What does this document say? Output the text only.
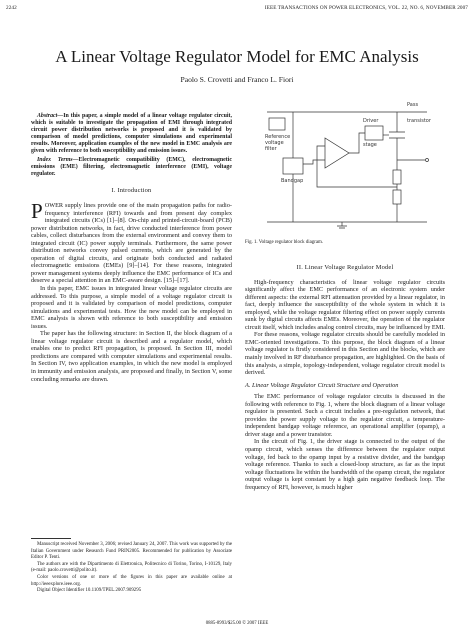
2242	IEEE TRANSACTIONS ON POWER ELECTRONICS, VOL. 22, NO. 6, NOVEMBER 2007
A Linear Voltage Regulator Model for EMC Analysis
Paolo S. Crovetti and Franco L. Fiori

Abstract—In this paper, a simple model of a linear voltage regulator circuit, which is suitable to investigate the propagation of EMI through integrated circuit power distribution networks is proposed and it is validated by comparison of model predictions, computer simulations and experimental results. Moreover, application examples of the new model in EMC analysis are given with reference to both susceptibility and emission issues.

Index Terms—Electromagnetic compatibility (EMC), electromagnetic emissions (EME) filtering, electromagnetic interference (EMI), voltage regulator.

I. Introduction

POWER supply lines provide one of the main propagation paths for radio-frequency interference (RFI) towards and from present day complex integrated circuits (ICs) [1]–[8]. On-chip and printed-circuit-board (PCB) power distribution networks, in fact, drive conducted interference from power cables, collect disturbances from the external environment and convey them to integrated circuit (IC) power supply terminals. Furthermore, the same power distribution networks convey pulsed currents, which are generated by the operation of digital circuits, and originate both conducted and radiated electromagnetic emissions (EMEs) [9]–[14]. For these reasons, integrated power management systems deeply influence the EMC performance of ICs and deserve a special attention in an EMC-aware design. [15]–[17].

In this paper, EMC issues in integrated linear voltage regulator circuits are addressed. To this purpose, a simple model of a voltage regulator circuit is proposed and it is validated by comparison of model predictions, computer simulations and experimental tests. How the new model can be employed in EMC analysis is shown with reference to both susceptibility and emission issues.

The paper has the following structure: in Section II, the block diagram of a linear voltage regulator circuit is described and a regulator model, which enables one to predict RFI propagation, is proposed. In Section III, model predictions are compared with computer simulations and experimental results. In Section IV, two application examples, in which the new model is employed in immunity and emission analysis, are proposed and finally, in Section V, some concluding remarks are drawn.

Manuscript received November 3, 2006; revised January 24, 2007. This work was supported by the Italian Government under Research Fund PRIN2005. Recommended for publication by Associate Editor P. Tenti.

The authors are with the Dipartimento di Elettronica, Politecnico di Torino, Torino, I-10129, Italy (e-mail: paolo.crovetti@polito.it).

Color versions of one or more of the figures in this paper are available online at http://ieeexplore.ieee.org.

Digital Object Identifier 10.1109/TPEL.2007.909295

Driver
stage
Pass
transistor
Reference
voltage
filter
Bandgap
Fig. 1. Voltage regulator block diagram.
II. Linear Voltage Regulator Model

High-frequency characteristics of linear voltage regulator circuits significantly affect the EMC performance of an electronic system under different aspects: the external RFI attenuation provided by a linear regulator, in fact, deeply influence the susceptibility of the whole system in which it is employed, while the voltage regulator filtering effect on power supply currents sunk by digital circuits affects EMEs. Moreover, the operation of the regulator circuit itself, which includes analog control circuits, may be influenced by EMI.

For these reasons, voltage regulator circuits should be carefully modeled in EMC-oriented investigations. To this purpose, the block diagram of a linear voltage regulator is firstly considered in this Section and the blocks, which are mainly involved in RF disturbance propagation, are highlighted. On the basis of this analysis, a simple, topology-independent, voltage regulator circuit model is derived.

A. Linear Voltage Regulator Circuit Structure and Operation

The EMC performance of voltage regulator circuits is discussed in the following with reference to Fig. 1, where the block diagram of a linear voltage regulator is presented. Such a circuit includes a pre-regulation network, that provides the power supply voltage to the regulator circuit, a temperature-independent bandgap voltage reference, an operational amplifier (opamp), a driver stage and a power transistor.

In the circuit of Fig. 1, the driver stage is connected to the output of the opamp circuit, which senses the difference between the regulator output voltage, fed back to the opamp input by a resistive divider, and the bandgap voltage reference. Thanks to such a closed-loop structure, as far as the input voltage fluctuations lie within the bandwidth of the opamp circuit, the regulator output voltage is kept constant by a high gain negative feedback loop. The frequency of RFI, however, is much higher

0885-8993/$25.00 © 2007 IEEE
